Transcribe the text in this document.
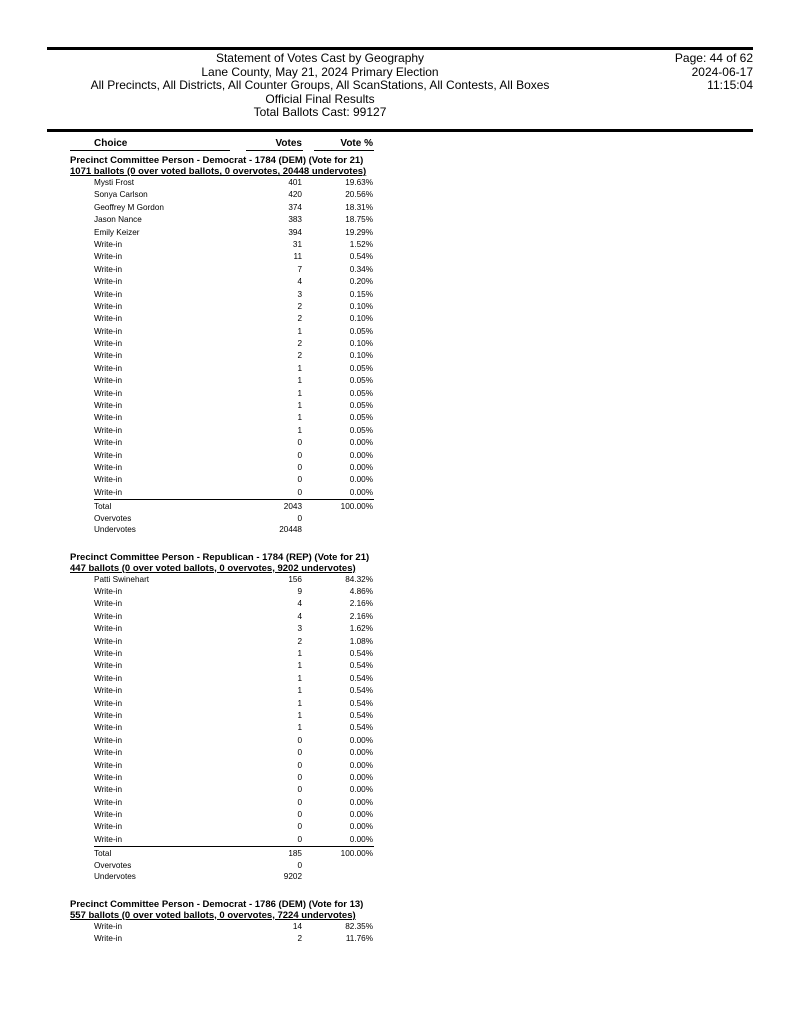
Statement of Votes Cast by Geography
Lane County, May 21, 2024 Primary Election
All Precincts, All Districts, All Counter Groups, All ScanStations, All Contests, All Boxes
Official Final Results
Total Ballots Cast: 99127
Page: 44 of 62
2024-06-17
11:15:04
Choice	Votes	Vote %
Precinct Committee Person - Democrat - 1784 (DEM) (Vote for 21)
1071 ballots (0 over voted ballots, 0 overvotes, 20448 undervotes)
Mysti Frost	401	19.63%
Sonya Carlson	420	20.56%
Geoffrey M Gordon	374	18.31%
Jason Nance	383	18.75%
Emily Keizer	394	19.29%
Write-in	31	1.52%
Write-in	11	0.54%
Write-in	7	0.34%
Write-in	4	0.20%
Write-in	3	0.15%
Write-in	2	0.10%
Write-in	2	0.10%
Write-in	1	0.05%
Write-in	2	0.10%
Write-in	2	0.10%
Write-in	1	0.05%
Write-in	1	0.05%
Write-in	1	0.05%
Write-in	1	0.05%
Write-in	1	0.05%
Write-in	1	0.05%
Write-in	0	0.00%
Write-in	0	0.00%
Write-in	0	0.00%
Write-in	0	0.00%
Write-in	0	0.00%
Total	2043	100.00%
Overvotes	0
Undervotes	20448
Precinct Committee Person - Republican - 1784 (REP) (Vote for 21)
447 ballots (0 over voted ballots, 0 overvotes, 9202 undervotes)
Patti Swinehart	156	84.32%
Write-in	9	4.86%
Write-in	4	2.16%
Write-in	4	2.16%
Write-in	3	1.62%
Write-in	2	1.08%
Write-in	1	0.54%
Write-in	1	0.54%
Write-in	1	0.54%
Write-in	1	0.54%
Write-in	1	0.54%
Write-in	1	0.54%
Write-in	1	0.54%
Write-in	0	0.00%
Write-in	0	0.00%
Write-in	0	0.00%
Write-in	0	0.00%
Write-in	0	0.00%
Write-in	0	0.00%
Write-in	0	0.00%
Write-in	0	0.00%
Write-in	0	0.00%
Total	185	100.00%
Overvotes	0
Undervotes	9202
Precinct Committee Person - Democrat - 1786 (DEM) (Vote for 13)
557 ballots (0 over voted ballots, 0 overvotes, 7224 undervotes)
Write-in	14	82.35%
Write-in	2	11.76%
